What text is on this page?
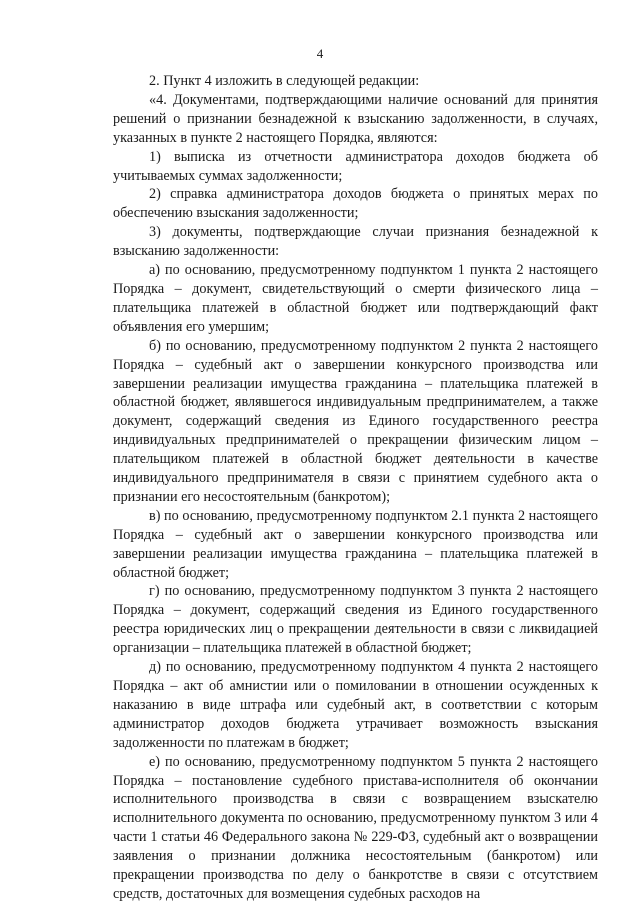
4

2. Пункт 4 изложить в следующей редакции:

«4. Документами, подтверждающими наличие оснований для принятия решений о признании безнадежной к взысканию задолженности, в случаях, указанных в пункте 2 настоящего Порядка, являются:

1) выписка из отчетности администратора доходов бюджета об учитываемых суммах задолженности;

2) справка администратора доходов бюджета о принятых мерах по обеспечению взыскания задолженности;

3) документы, подтверждающие случаи признания безнадежной к взысканию задолженности:

а) по основанию, предусмотренному подпунктом 1 пункта 2 настоящего Порядка – документ, свидетельствующий о смерти физического лица – плательщика платежей в областной бюджет или подтверждающий факт объявления его умершим;

б) по основанию, предусмотренному подпунктом 2 пункта 2 настоящего Порядка – судебный акт о завершении конкурсного производства или завершении реализации имущества гражданина – плательщика платежей в областной бюджет, являвшегося индивидуальным предпринимателем, а также документ, содержащий сведения из Единого государственного реестра индивидуальных предпринимателей о прекращении физическим лицом – плательщиком платежей в областной бюджет деятельности в качестве индивидуального предпринимателя в связи с принятием судебного акта о признании его несостоятельным (банкротом);

в) по основанию, предусмотренному подпунктом 2.1 пункта 2 настоящего Порядка – судебный акт о завершении конкурсного производства или завершении реализации имущества гражданина – плательщика платежей в областной бюджет;

г) по основанию, предусмотренному подпунктом 3 пункта 2 настоящего Порядка – документ, содержащий сведения из Единого государственного реестра юридических лиц о прекращении деятельности в связи с ликвидацией организации – плательщика платежей в областной бюджет;

д) по основанию, предусмотренному подпунктом 4 пункта 2 настоящего Порядка – акт об амнистии или о помиловании в отношении осужденных к наказанию в виде штрафа или судебный акт, в соответствии с которым администратор доходов бюджета утрачивает возможность взыскания задолженности по платежам в бюджет;

е) по основанию, предусмотренному подпунктом 5 пункта 2 настоящего Порядка – постановление судебного пристава-исполнителя об окончании исполнительного производства в связи с возвращением взыскателю исполнительного документа по основанию, предусмотренному пунктом 3 или 4 части 1 статьи 46 Федерального закона № 229-ФЗ, судебный акт о возвращении заявления о признании должника несостоятельным (банкротом) или прекращении производства по делу о банкротстве в связи с отсутствием средств, достаточных для возмещения судебных расходов на
